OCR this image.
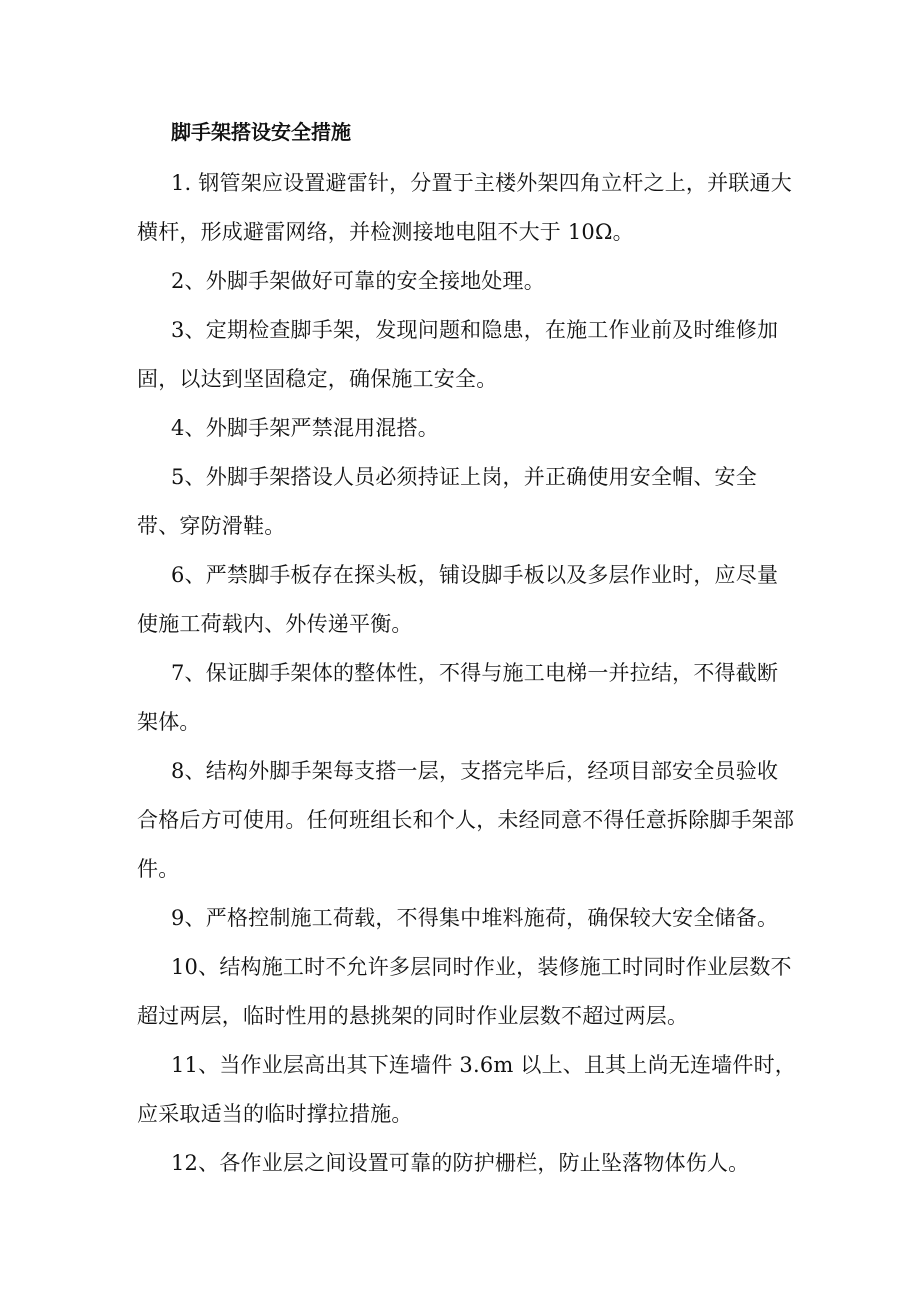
脚手架搭设安全措施

1. 钢管架应设置避雷针，分置于主楼外架四角立杆之上，并联通大横杆，形成避雷网络，并检测接地电阻不大于 10Ω。

2、外脚手架做好可靠的安全接地处理。

3、定期检查脚手架，发现问题和隐患，在施工作业前及时维修加固，以达到坚固稳定，确保施工安全。

4、外脚手架严禁混用混搭。

5、外脚手架搭设人员必须持证上岗，并正确使用安全帽、安全带、穿防滑鞋。

6、严禁脚手板存在探头板，铺设脚手板以及多层作业时，应尽量使施工荷载内、外传递平衡。

7、保证脚手架体的整体性，不得与施工电梯一并拉结，不得截断架体。

8、结构外脚手架每支搭一层，支搭完毕后，经项目部安全员验收合格后方可使用。任何班组长和个人，未经同意不得任意拆除脚手架部件。

9、严格控制施工荷载，不得集中堆料施荷，确保较大安全储备。

10、结构施工时不允许多层同时作业，装修施工时同时作业层数不超过两层，临时性用的悬挑架的同时作业层数不超过两层。

11、当作业层高出其下连墙件 3.6m 以上、且其上尚无连墙件时，应采取适当的临时撑拉措施。

12、各作业层之间设置可靠的防护栅栏，防止坠落物体伤人。
